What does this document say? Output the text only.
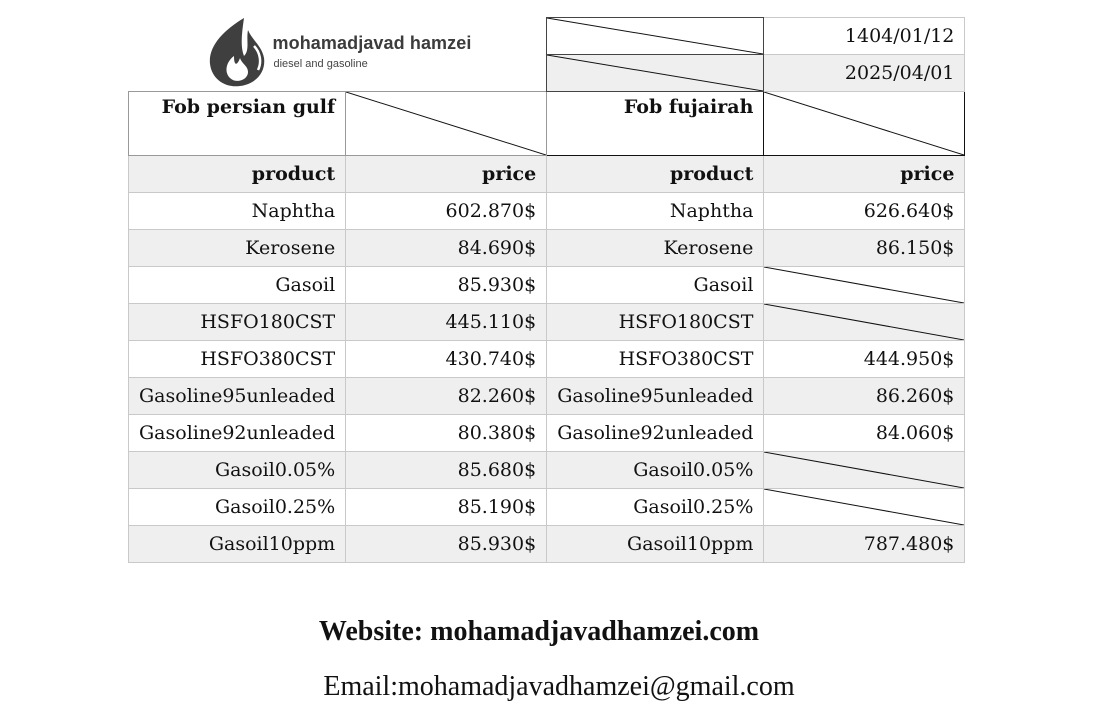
mohamadjavad hamzei
diesel and gasoline			1404/01/12

	2025/04/01
Fob persian gulf		Fob fujairah	

product	price	product	price
Naphtha	602.870$	Naphtha	626.640$
Kerosene	84.690$	Kerosene	86.150$
Gasoil	85.930$	Gasoil	

HSFO180CST	445.110$	HSFO180CST	

HSFO380CST	430.740$	HSFO380CST	444.950$
Gasoline95unleaded	82.260$	Gasoline95unleaded	86.260$
Gasoline92unleaded	80.380$	Gasoline92unleaded	84.060$
Gasoil0.05%	85.680$	Gasoil0.05%	

Gasoil0.25%	85.190$	Gasoil0.25%	

Gasoil10ppm	85.930$	Gasoil10ppm	787.480$
Website: mohamadjavadhamzei.com
Email:mohamadjavadhamzei@gmail.com
